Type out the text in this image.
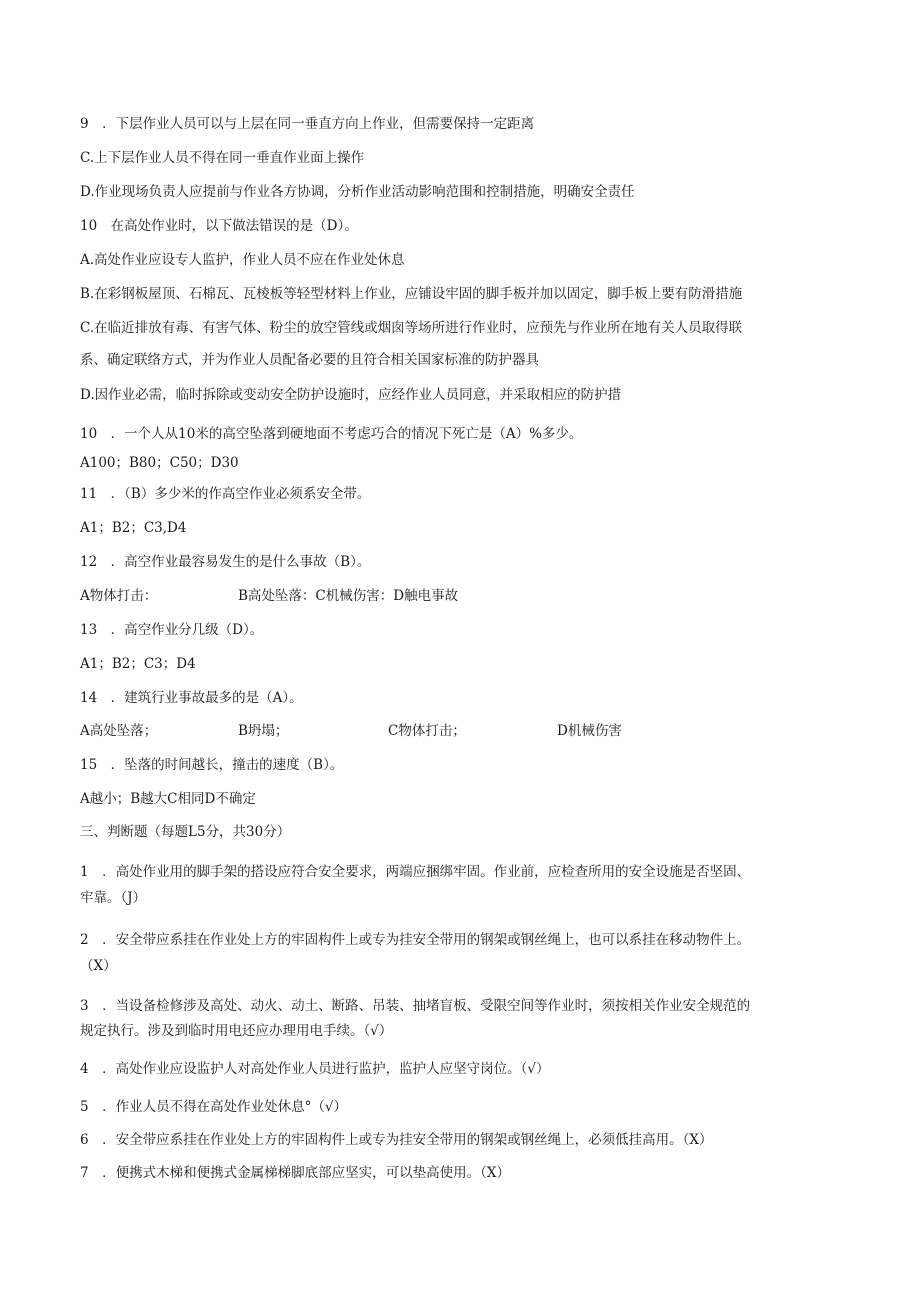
9　．下层作业人员可以与上层在同一垂直方向上作业，但需要保持一定距离
C.上下层作业人员不得在同一垂直作业面上操作
D.作业现场负责人应提前与作业各方协调，分析作业活动影响范围和控制措施，明确安全责任
10　在高处作业时，以下做法错误的是（D）。
A.高处作业应设专人监护，作业人员不应在作业处休息
B.在彩钢板屋顶、石棉瓦、瓦棱板等轻型材料上作业，应铺设牢固的脚手板并加以固定，脚手板上要有防滑措施
C.在临近排放有毒、有害气体、粉尘的放空管线或烟囱等场所进行作业时，应预先与作业所在地有关人员取得联
系、确定联络方式，并为作业人员配备必要的且符合相关国家标准的防护器具
D.因作业必需，临时拆除或变动安全防护设施时，应经作业人员同意，并采取相应的防护措
10　．一个人从10米的高空坠落到硬地面不考虑巧合的情况下死亡是（A）%多少。
A100；B80；C50；D30
11　．（B）多少米的作高空作业必须系安全带。
A1；B2；C3,D4
12　．高空作业最容易发生的是什么事故（B）。
A物体打击：	B高处坠落：C机械伤害：D触电事故
13　．高空作业分几级（D）。
A1；B2；C3；D4
14　．建筑行业事故最多的是（A）。
A高处坠落；	B坍塌；	C物体打击；	D机械伤害
15　．坠落的时间越长，撞击的速度（B）。
A越小；B越大C相同D不确定
三、判断题（每题L5分，共30分）
1　．高处作业用的脚手架的搭设应符合安全要求，两端应捆绑牢固。作业前，应检查所用的安全设施是否坚固、
牢靠。（J）
2　．安全带应系挂在作业处上方的牢固构件上或专为挂安全带用的钢架或钢丝绳上，也可以系挂在移动物件上。
（X）
3　．当设备检修涉及高处、动火、动土、断路、吊装、抽堵盲板、受限空间等作业时，须按相关作业安全规范的
规定执行。涉及到临时用电还应办理用电手续。（√）
4　．高处作业应设监护人对高处作业人员进行监护，监护人应坚守岗位。（√）
5　．作业人员不得在高处作业处休息°（√）
6　．安全带应系挂在作业处上方的牢固构件上或专为挂安全带用的钢架或钢丝绳上，必须低挂高用。（X）
7　．便携式木梯和便携式金属梯梯脚底部应坚实，可以垫高使用。（X）
